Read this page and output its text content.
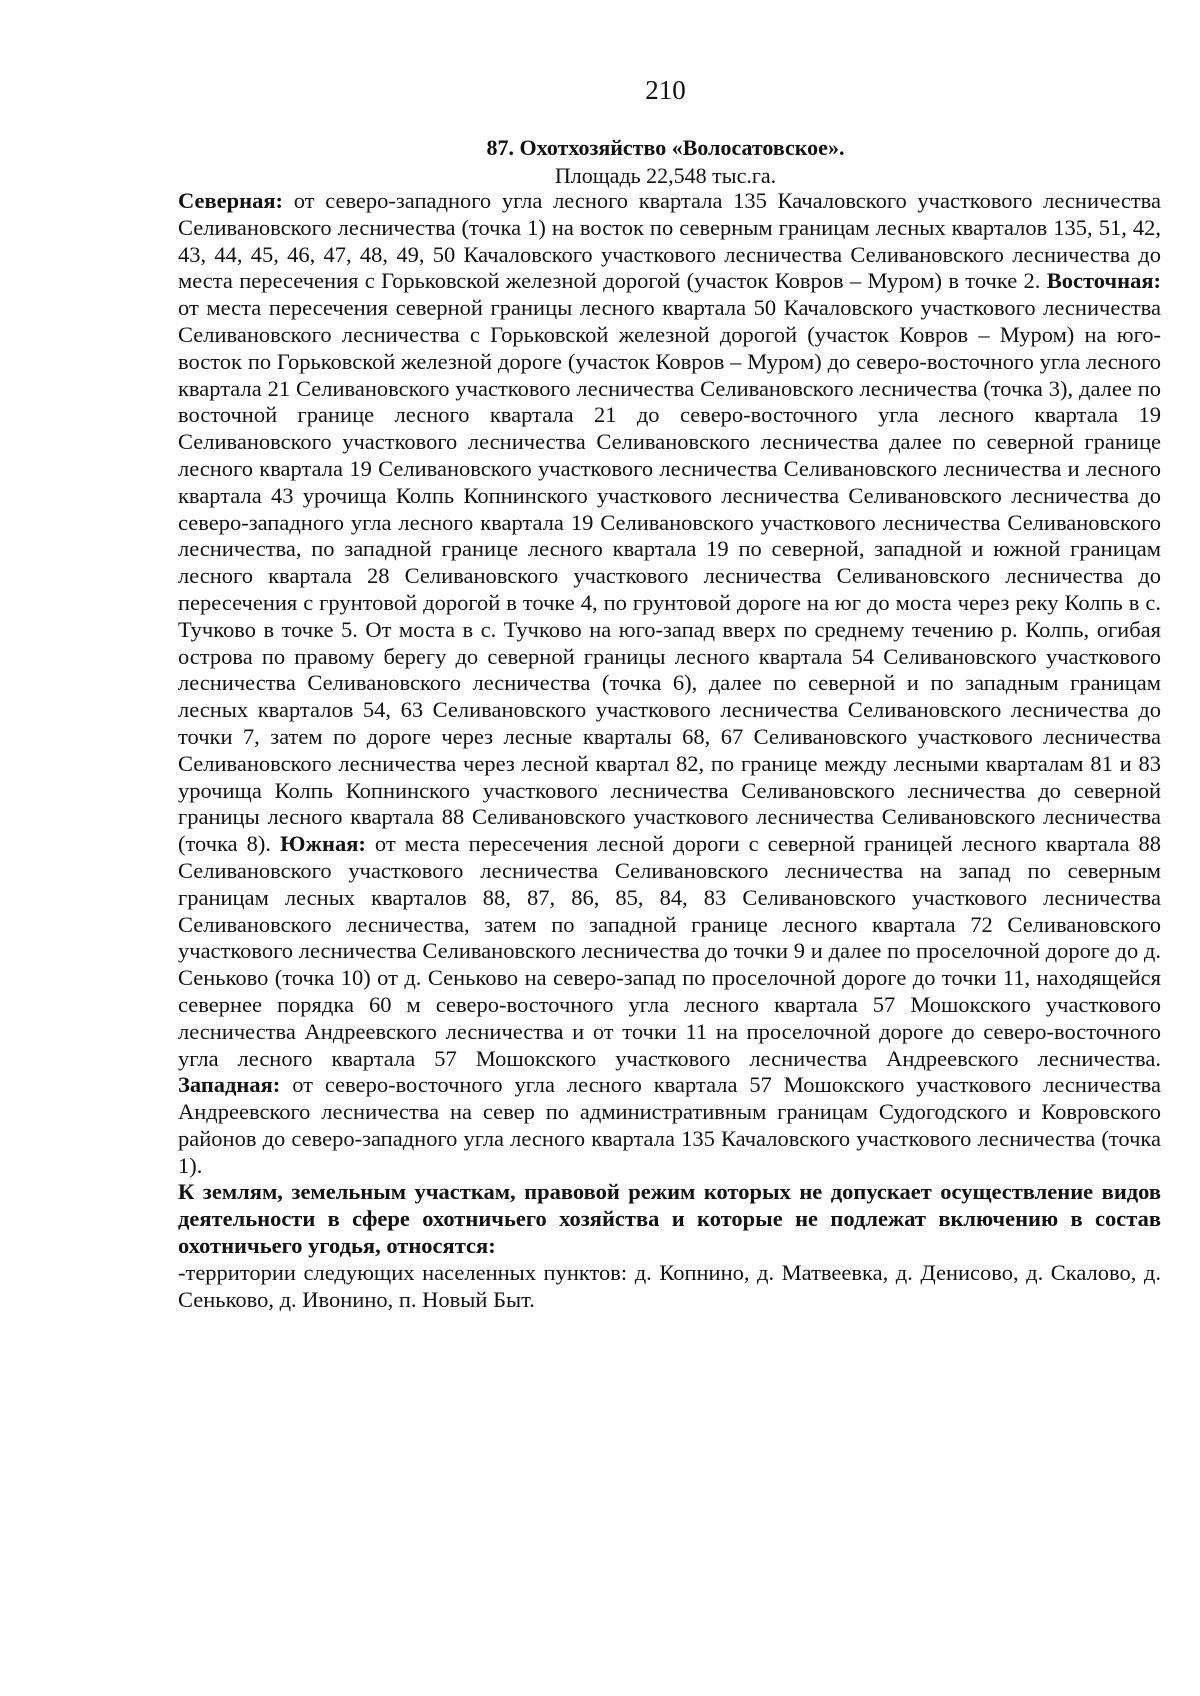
210
87. Охотхозяйство «Волосатовское».
Площадь 22,548 тыс.га.

Северная: от северо-западного угла лесного квартала 135 Качаловского участкового лесничества Селивановского лесничества (точка 1) на восток по северным границам лесных кварталов 135, 51, 42, 43, 44, 45, 46, 47, 48, 49, 50 Качаловского участкового лесничества Селивановского лесничества до места пересечения с Горьковской железной дорогой (участок Ковров – Муром) в точке 2. Восточная: от места пересечения северной границы лесного квартала 50 Качаловского участкового лесничества Селивановского лесничества с Горьковской железной дорогой (участок Ковров – Муром) на юго-восток по Горьковской железной дороге (участок Ковров – Муром) до северо-восточного угла лесного квартала 21 Селивановского участкового лесничества Селивановского лесничества (точка 3), далее по восточной границе лесного квартала 21 до северо-восточного угла лесного квартала 19 Селивановского участкового лесничества Селивановского лесничества далее по северной границе лесного квартала 19 Селивановского участкового лесничества Селивановского лесничества и лесного квартала 43 урочища Колпь Копнинского участкового лесничества Селивановского лесничества до северо-западного угла лесного квартала 19 Селивановского участкового лесничества Селивановского лесничества, по западной границе лесного квартала 19 по северной, западной и южной границам лесного квартала 28 Селивановского участкового лесничества Селивановского лесничества до пересечения с грунтовой дорогой в точке 4, по грунтовой дороге на юг до моста через реку Колпь в с. Тучково в точке 5. От моста в с. Тучково на юго-запад вверх по среднему течению р. Колпь, огибая острова по правому берегу до северной границы лесного квартала 54 Селивановского участкового лесничества Селивановского лесничества (точка 6), далее по северной и по западным границам лесных кварталов 54, 63 Селивановского участкового лесничества Селивановского лесничества до точки 7, затем по дороге через лесные кварталы 68, 67 Селивановского участкового лесничества Селивановского лесничества через лесной квартал 82, по границе между лесными кварталам 81 и 83 урочища Колпь Копнинского участкового лесничества Селивановского лесничества до северной границы лесного квартала 88 Селивановского участкового лесничества Селивановского лесничества (точка 8). Южная: от места пересечения лесной дороги с северной границей лесного квартала 88 Селивановского участкового лесничества Селивановского лесничества на запад по северным границам лесных кварталов 88, 87, 86, 85, 84, 83 Селивановского участкового лесничества Селивановского лесничества, затем по западной границе лесного квартала 72 Селивановского участкового лесничества Селивановского лесничества до точки 9 и далее по проселочной дороге до д. Сеньково (точка 10) от д. Сеньково на северо-запад по проселочной дороге до точки 11, находящейся севернее порядка 60 м северо-восточного угла лесного квартала 57 Мошокского участкового лесничества Андреевского лесничества и от точки 11 на проселочной дороге до северо-восточного угла лесного квартала 57 Мошокского участкового лесничества Андреевского лесничества. Западная: от северо-восточного угла лесного квартала 57 Мошокского участкового лесничества Андреевского лесничества на север по административным границам Судогодского и Ковровского районов до северо-западного угла лесного квартала 135 Качаловского участкового лесничества (точка 1).

К землям, земельным участкам, правовой режим которых не допускает осуществление видов деятельности в сфере охотничьего хозяйства и которые не подлежат включению в состав охотничьего угодья, относятся:

-территории следующих населенных пунктов: д. Копнино, д. Матвеевка, д. Денисово, д. Скалово, д. Сеньково, д. Ивонино, п. Новый Быт.
